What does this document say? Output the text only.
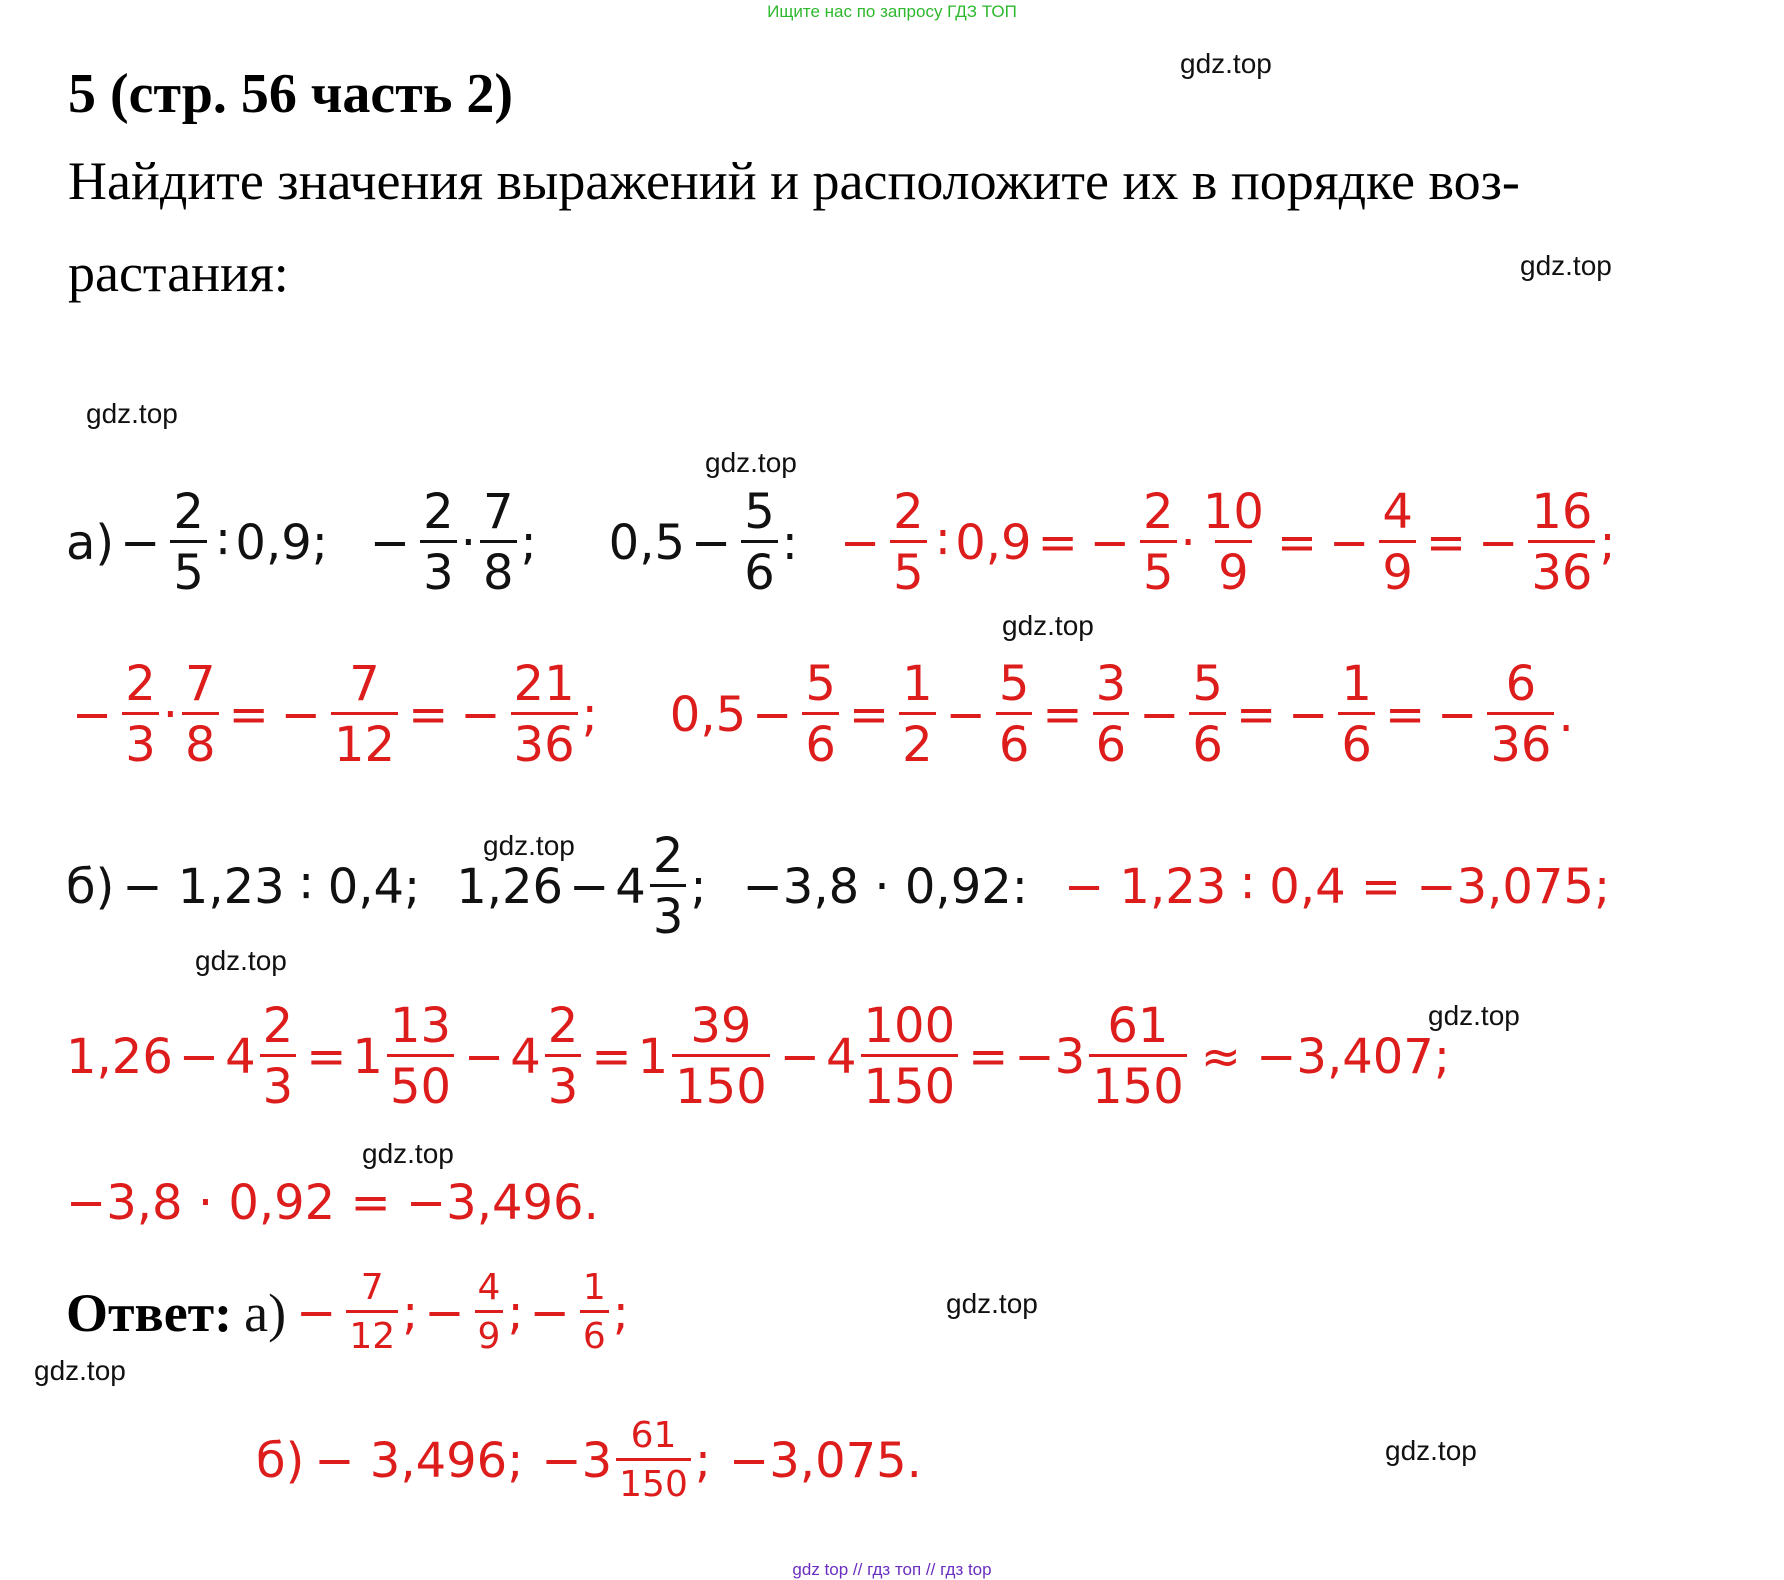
Ищите нас по запросу ГДЗ ТОП
5 (стр. 56 часть 2)
Найдите значения выражений и расположите их в порядке воз-
растания:
gdz.top
gdz.top
gdz.top
gdz.top
gdz.top
gdz.top
gdz.top
gdz.top
gdz.top
gdz.top
gdz.top
gdz.top
$а) - \frac{2}{5}$ ∶ 0,9 ; − $\frac{2}{3} \cdot \frac{7}{8}$ ; $0,5 - \frac{5}{6}$ : − $\frac{2}{5}$ ∶ 0,9 = − $\frac{2}{5} \cdot \frac{10}{9}$ = − $\frac{4}{9}$ = − $\frac{16}{36}$ ;
− $\frac{2}{3} \cdot \frac{7}{8}$ = − $\frac{7}{12}$ = − $\frac{21}{36}$ ; $0,5 - \frac{5}{6} = \frac{1}{2} - \frac{5}{6} = \frac{3}{6} - \frac{5}{6}$ = − $\frac{1}{6}$ = − $\frac{6}{36}$ .
б) − 1,23 ∶ 0,4; $1,26 - 4 \frac{2}{3}$ ; −3,8 · 0,92: − 1,23 ∶ 0,4 = −3,075;
$1,26 - 4 \frac{2}{3} = 1 \frac{13}{50} - 4 \frac{2}{3} = 1 \frac{39}{150} - 4 \frac{100}{150}$ = − $3 \frac{61}{150} \approx -3,407$;
−3,8 · 0,92 = −3,496.
Ответ: $а) - \frac{7}{12}$ ; − $\frac{4}{9}$ ; − $\frac{1}{6}$ ;
б) − 3,496; $-3 \frac{61}{150}$ ; −3,075.
gdz top // гдз топ // гдз top
